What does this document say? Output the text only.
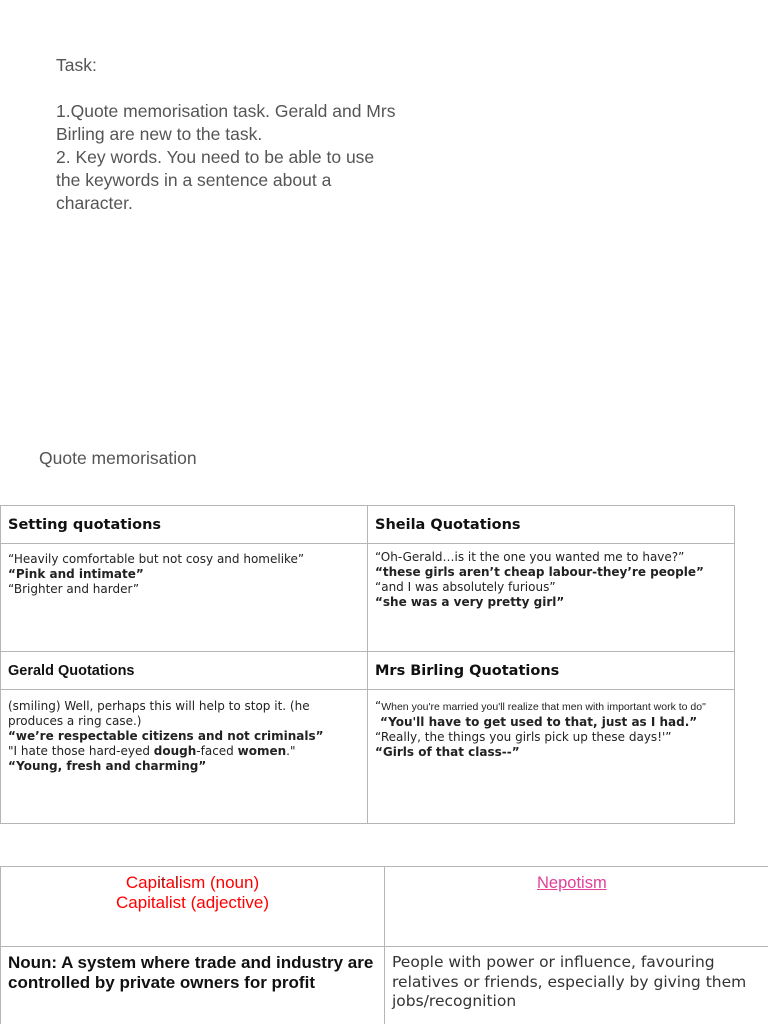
Task:

1.Quote memorisation task. Gerald and Mrs Birling are new to the task.

2. Key words. You need to be able to use the keywords in a sentence about a character.

Quote memorisation
Setting quotations	Sheila Quotations

“Heavily comfortable but not cosy and homelike”
“Pink and intimate”
“Brighter and harder”	“Oh-Gerald…is it the one you wanted me to have?”
“these girls aren’t cheap labour-they’re people”
“and I was absolutely furious”
“she was a very pretty girl”

Gerald Quotations	Mrs Birling Quotations

(smiling) Well, perhaps this will help to stop it. (he produces a ring case.)
“we’re respectable citizens and not criminals”
"I hate those hard-eyed dough-faced women."
“Young, fresh and charming”	“When you're married you'll realize that men with important work to do"
“You'll have to get used to that, just as I had.”
“Really, the things you girls pick up these days!'”
“Girls of that class--”
Capitalism (noun)
Capitalist (adjective)	Nepotism
Noun: A system where trade and industry are controlled by private owners for profit	People with power or influence, favouring relatives or friends, especially by giving them jobs/recognition
